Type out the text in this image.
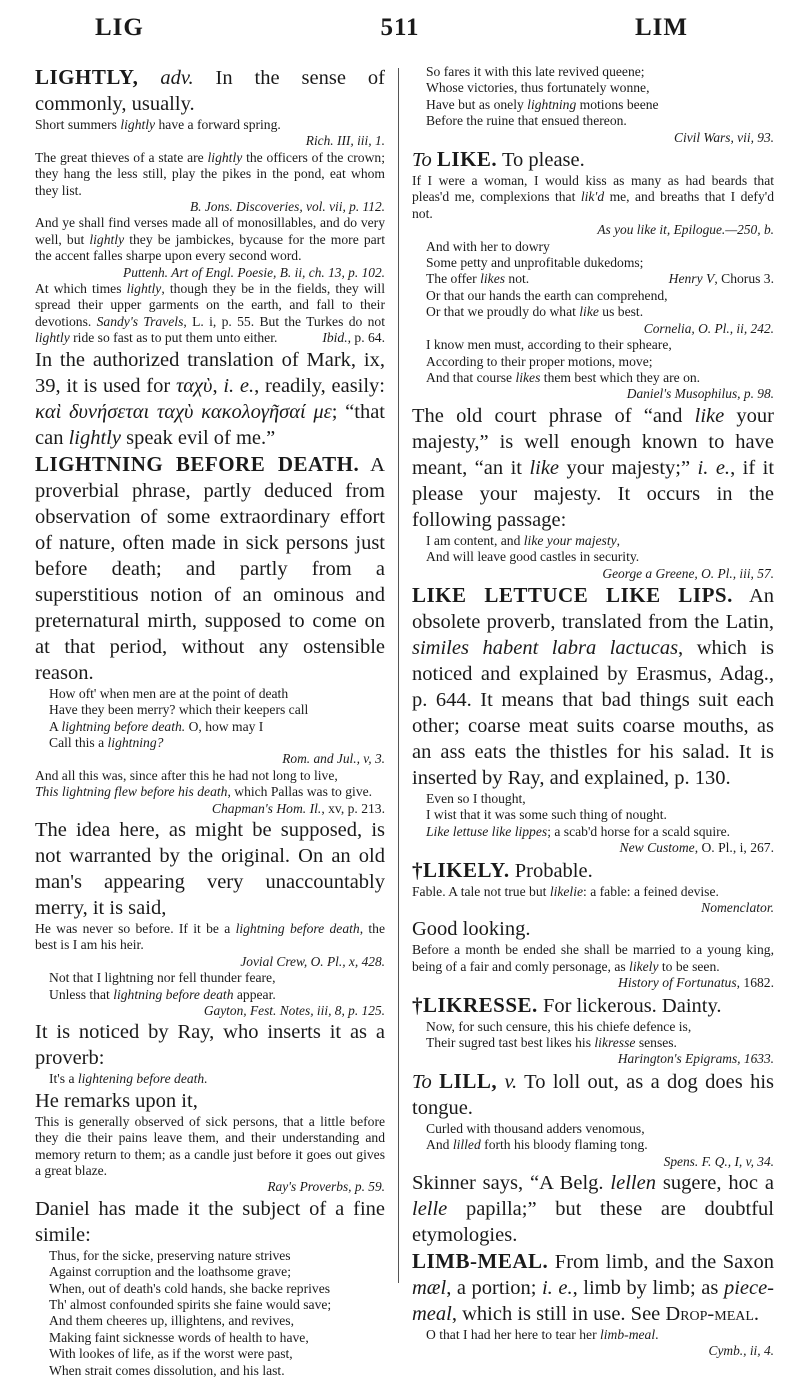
LIG	511	LIM

LIGHTLY, adv. In the sense of commonly, usually.

Short summers lightly have a forward spring.

Rich. III, iii, 1.

The great thieves of a state are lightly the officers of the crown; they hang the less still, play the pikes in the pond, eat whom they list.

B. Jons. Discoveries, vol. vii, p. 112.

And ye shall find verses made all of monosillables, and do very well, but lightly they be jambickes, bycause for the more part the accent falles sharpe upon every second word.

Puttenh. Art of Engl. Poesie, B. ii, ch. 13, p. 102.

At which times lightly, though they be in the fields, they will spread their upper garments on the earth, and fall to their devotions. Sandy's Travels, L. i, p. 55. But the Turkes do not lightly ride so fast as to put them unto either.	Ibid., p. 64.

In the authorized translation of Mark, ix, 39, it is used for ταχὺ, i. e., readily, easily: καὶ δυνήσεται ταχὺ κακολογῆσαί με; “that can lightly speak evil of me.”

LIGHTNING BEFORE DEATH. A proverbial phrase, partly deduced from observation of some extraordinary effort of nature, often made in sick persons just before death; and partly from a superstitious notion of an ominous and preternatural mirth, supposed to come on at that period, without any ostensible reason.

How oft' when men are at the point of death
Have they been merry? which their keepers call
A lightning before death. O, how may I
Call this a lightning?

Rom. and Jul., v, 3.

And all this was, since after this he had not long to live,

This lightning flew before his death, which Pallas was to give.
Chapman's Hom. Il., xv, p. 213.

The idea here, as might be supposed, is not warranted by the original. On an old man's appearing very unaccountably merry, it is said,

He was never so before. If it be a lightning before death, the best is I am his heir.

Jovial Crew, O. Pl., x, 428.

Not that I lightning nor fell thunder feare,
Unless that lightning before death appear.

Gayton, Fest. Notes, iii, 8, p. 125.

It is noticed by Ray, who inserts it as a proverb:

It's a lightening before death.

He remarks upon it,

This is generally observed of sick persons, that a little before they die their pains leave them, and their understanding and memory return to them; as a candle just before it goes out gives a great blaze.

Ray's Proverbs, p. 59.

Daniel has made it the subject of a fine simile:

Thus, for the sicke, preserving nature strives
Against corruption and the loathsome grave;
When, out of death's cold hands, she backe reprives
Th' almost confounded spirits she faine would save;
And them cheeres up, illightens, and revives,
Making faint sicknesse words of health to have,
With lookes of life, as if the worst were past,
When strait comes dissolution, and his last.

So fares it with this late revived queene;
Whose victories, thus fortunately wonne,
Have but as onely lightning motions beene
Before the ruine that ensued thereon.

Civil Wars, vii, 93.

To LIKE. To please.

If I were a woman, I would kiss as many as had beards that pleas'd me, complexions that lik'd me, and breaths that I defy'd not.

As you like it, Epilogue.—250, b.

And with her to dowry
Some petty and unprofitable dukedoms;
The offer likes not.	Henry V, Chorus 3.

Or that our hands the earth can comprehend,
Or that we proudly do what like us best.

Cornelia, O. Pl., ii, 242.

I know men must, according to their spheare,
According to their proper motions, move;
And that course likes them best which they are on.

Daniel's Musophilus, p. 98.

The old court phrase of “and like your majesty,” is well enough known to have meant, “an it like your majesty;” i. e., if it please your majesty. It occurs in the following passage:

I am content, and like your majesty,
And will leave good castles in security.

George a Greene, O. Pl., iii, 57.

LIKE LETTUCE LIKE LIPS. An obsolete proverb, translated from the Latin, similes habent labra lactucas, which is noticed and explained by Erasmus, Adag., p. 644. It means that bad things suit each other; coarse meat suits coarse mouths, as an ass eats the thistles for his salad. It is inserted by Ray, and explained, p. 130.

Even so I thought,
I wist that it was some such thing of nought.
Like lettuse like lippes; a scab'd horse for a scald squire.
New Custome, O. Pl., i, 267.

†LIKELY. Probable.

Fable. A tale not true but likelie: a fable: a feined devise.
Nomenclator.

Good looking.

Before a month be ended she shall be married to a young king, being of a fair and comly personage, as likely to be seen.
History of Fortunatus, 1682.

†LIKRESSE. For lickerous. Dainty.

Now, for such censure, this his chiefe defence is,
Their sugred tast best likes his likresse senses.

Harington's Epigrams, 1633.

To LILL, v. To loll out, as a dog does his tongue.

Curled with thousand adders venomous,
And lilled forth his bloody flaming tong.

Spens. F. Q., I, v, 34.

Skinner says, “A Belg. lellen sugere, hoc a lelle papilla;” but these are doubtful etymologies.

LIMB-MEAL. From limb, and the Saxon mæl, a portion; i. e., limb by limb; as piece-meal, which is still in use. See Drop-meal.

O that I had her here to tear her limb-meal.

Cymb., ii, 4.
